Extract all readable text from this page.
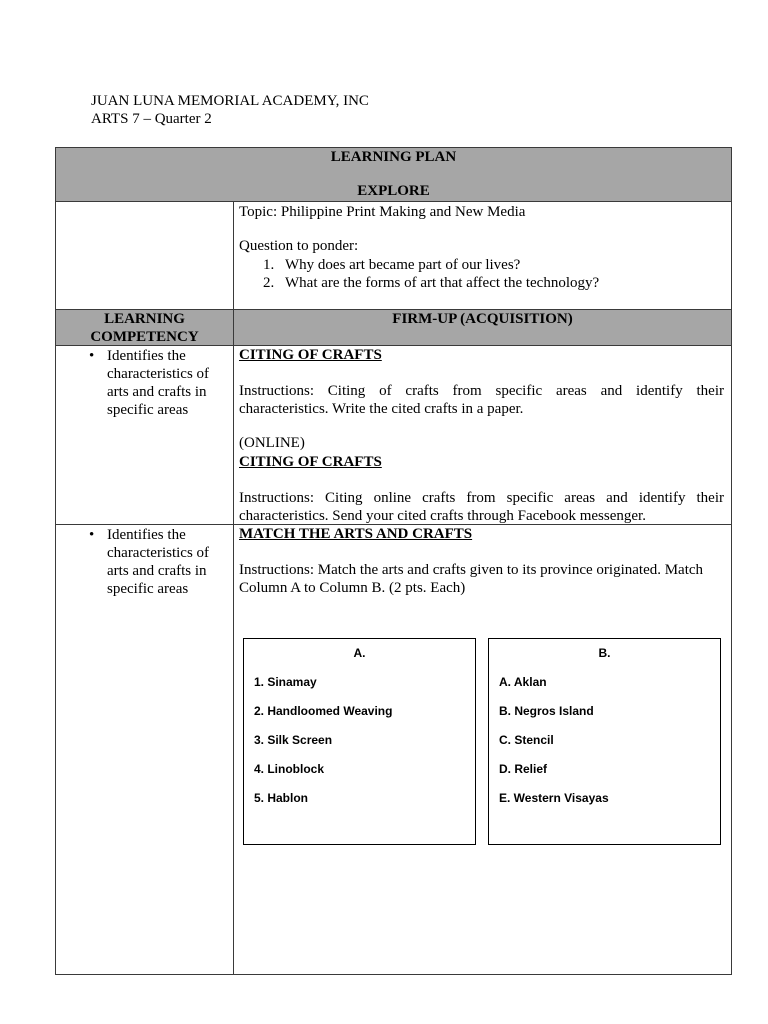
JUAN LUNA MEMORIAL ACADEMY, INC
ARTS 7 – Quarter 2
LEARNING PLAN
EXPLORE
Topic: Philippine Print Making and New Media
Question to ponder:
1. Why does art became part of our lives?
2. What are the forms of art that affect the technology?
LEARNING COMPETENCY
FIRM-UP (ACQUISITION)
•
Identifies the characteristics of arts and crafts in specific areas
CITING OF CRAFTS
Instructions: Citing of crafts from specific areas and identify their characteristics. Write the cited crafts in a paper.
(ONLINE)
CITING OF CRAFTS
Instructions: Citing online crafts from specific areas and identify their characteristics. Send your cited crafts through Facebook messenger.
•
Identifies the characteristics of arts and crafts in specific areas
MATCH THE ARTS AND CRAFTS
Instructions: Match the arts and crafts given to its province originated. Match Column A to Column B. (2 pts. Each)
A.
1. Sinamay
2. Handloomed Weaving
3. Silk Screen
4. Linoblock
5. Hablon
B.
A. Aklan
B. Negros Island
C. Stencil
D. Relief
E. Western Visayas
